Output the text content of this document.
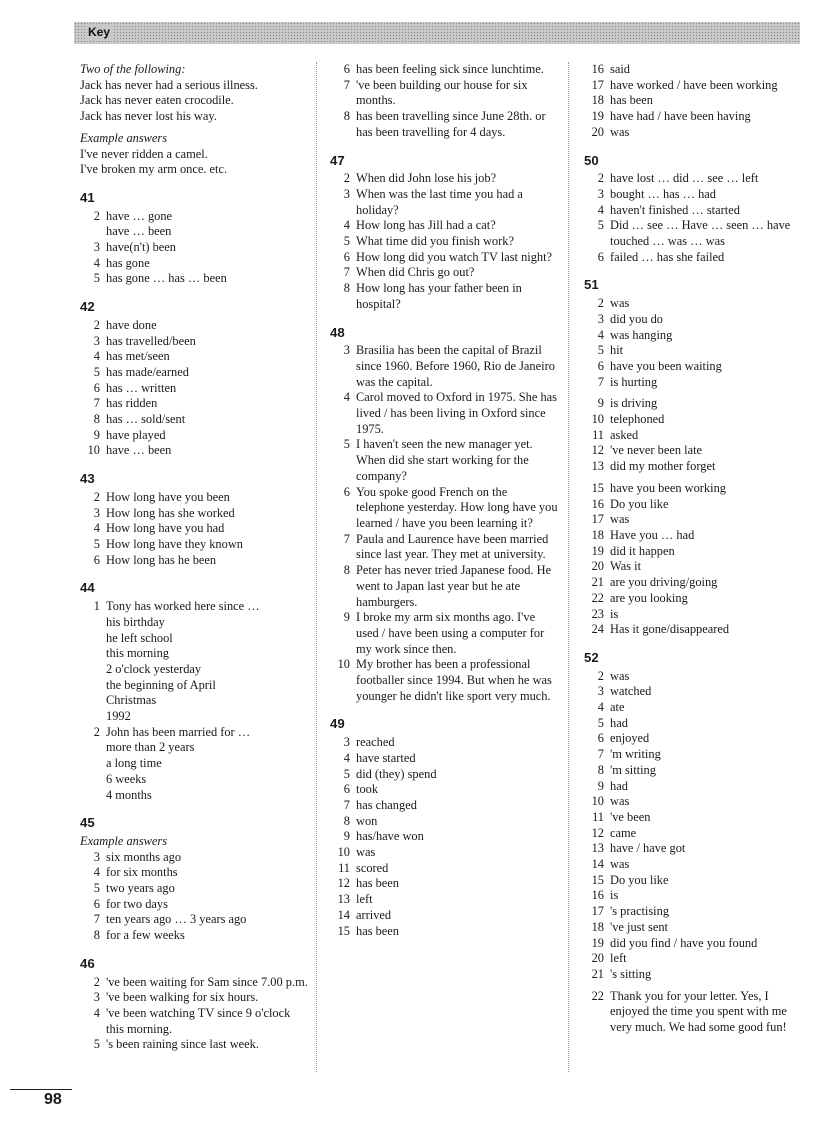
Key
Two of the following:
Jack has never had a serious illness.
Jack has never eaten crocodile.
Jack has never lost his way.
Example answers
I've never ridden a camel.
I've broken my arm once. etc.
41
2 have … gone
have … been
3 have(n't) been
4 has gone
5 has gone … has … been
42
2 have done
3 has travelled/been
4 has met/seen
5 has made/earned
6 has … written
7 has ridden
8 has … sold/sent
9 have played
10 have … been
43
2 How long have you been
3 How long has she worked
4 How long have you had
5 How long have they known
6 How long has he been
44
1 Tony has worked here since …
his birthday
he left school
this morning
2 o'clock yesterday
the beginning of April
Christmas
1992
2 John has been married for …
more than 2 years
a long time
6 weeks
4 months
45
Example answers
3 six months ago
4 for six months
5 two years ago
6 for two days
7 ten years ago … 3 years ago
8 for a few weeks
46
2 've been waiting for Sam since 7.00 p.m.
3 've been walking for six hours.
4 've been watching TV since 9 o'clock this morning.
5 's been raining since last week.
6 has been feeling sick since lunchtime.
7 've been building our house for six months.
8 has been travelling since June 28th. or has been travelling for 4 days.
47
2 When did John lose his job?
3 When was the last time you had a holiday?
4 How long has Jill had a cat?
5 What time did you finish work?
6 How long did you watch TV last night?
7 When did Chris go out?
8 How long has your father been in hospital?
48
3 Brasilia has been the capital of Brazil since 1960. Before 1960, Rio de Janeiro was the capital.
4 Carol moved to Oxford in 1975. She has lived / has been living in Oxford since 1975.
5 I haven't seen the new manager yet. When did she start working for the company?
6 You spoke good French on the telephone yesterday. How long have you learned / have you been learning it?
7 Paula and Laurence have been married since last year. They met at university.
8 Peter has never tried Japanese food. He went to Japan last year but he ate hamburgers.
9 I broke my arm six months ago. I've used / have been using a computer for my work since then.
10 My brother has been a professional footballer since 1994. But when he was younger he didn't like sport very much.
49
3 reached
4 have started
5 did (they) spend
6 took
7 has changed
8 won
9 has/have won
10 was
11 scored
12 has been
13 left
14 arrived
15 has been
16 said
17 have worked / have been working
18 has been
19 have had / have been having
20 was
50
2 have lost … did … see … left
3 bought … has … had
4 haven't finished … started
5 Did … see … Have … seen … have touched … was … was
6 failed … has she failed
51
2 was
3 did you do
4 was hanging
5 hit
6 have you been waiting
7 is hurting
9 is driving
10 telephoned
11 asked
12 've never been late
13 did my mother forget
15 have you been working
16 Do you like
17 was
18 Have you … had
19 did it happen
20 Was it
21 are you driving/going
22 are you looking
23 is
24 Has it gone/disappeared
52
2 was
3 watched
4 ate
5 had
6 enjoyed
7 'm writing
8 'm sitting
9 had
10 was
11 've been
12 came
13 have / have got
14 was
15 Do you like
16 is
17 's practising
18 've just sent
19 did you find / have you found
20 left
21 's sitting
22 Thank you for your letter. Yes, I enjoyed the time you spent with me very much. We had some good fun!
98
